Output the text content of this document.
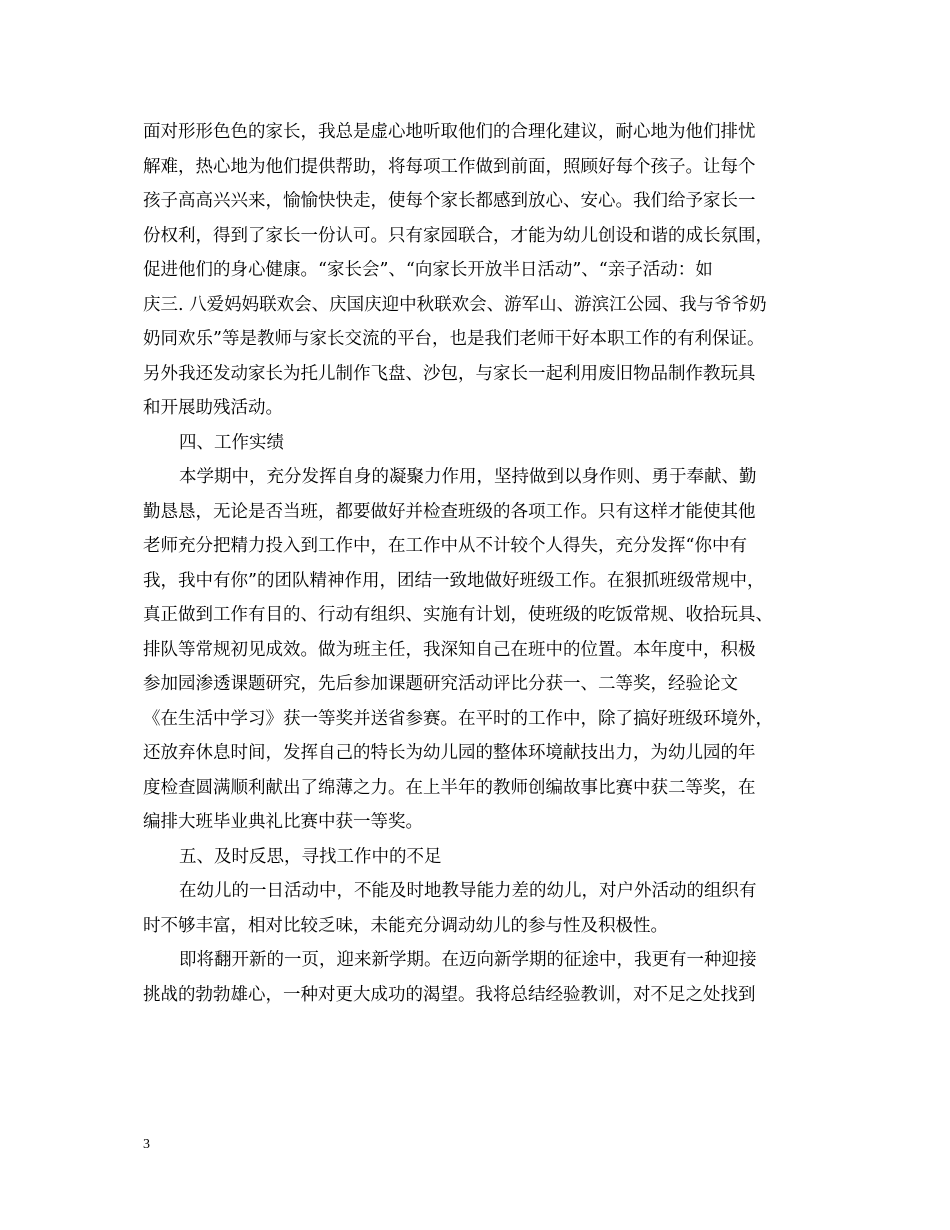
面对形形色色的家长，我总是虚心地听取他们的合理化建议，耐心地为他们排忧
解难，热心地为他们提供帮助，将每项工作做到前面，照顾好每个孩子。让每个
孩子高高兴兴来，愉愉快快走，使每个家长都感到放心、安心。我们给予家长一
份权利，得到了家长一份认可。只有家园联合，才能为幼儿创设和谐的成长氛围，
促进他们的身心健康。“家长会”、“向家长开放半日活动”、“亲子活动：如
庆三. 八爱妈妈联欢会、庆国庆迎中秋联欢会、游军山、游滨江公园、我与爷爷奶
奶同欢乐”等是教师与家长交流的平台，也是我们老师干好本职工作的有利保证。
另外我还发动家长为托儿制作飞盘、沙包，与家长一起利用废旧物品制作教玩具
和开展助残活动。
四、工作实绩
本学期中，充分发挥自身的凝聚力作用，坚持做到以身作则、勇于奉献、勤
勤恳恳，无论是否当班，都要做好并检查班级的各项工作。只有这样才能使其他
老师充分把精力投入到工作中，在工作中从不计较个人得失，充分发挥“你中有
我，我中有你”的团队精神作用，团结一致地做好班级工作。在狠抓班级常规中，
真正做到工作有目的、行动有组织、实施有计划，使班级的吃饭常规、收拾玩具、
排队等常规初见成效。做为班主任，我深知自己在班中的位置。本年度中，积极
参加园渗透课题研究，先后参加课题研究活动评比分获一、二等奖，经验论文
《在生活中学习》获一等奖并送省参赛。在平时的工作中，除了搞好班级环境外，
还放弃休息时间，发挥自己的特长为幼儿园的整体环境献技出力，为幼儿园的年
度检查圆满顺利献出了绵薄之力。在上半年的教师创编故事比赛中获二等奖，在
编排大班毕业典礼比赛中获一等奖。
五、及时反思，寻找工作中的不足
在幼儿的一日活动中，不能及时地教导能力差的幼儿，对户外活动的组织有
时不够丰富，相对比较乏味，未能充分调动幼儿的参与性及积极性。
即将翻开新的一页，迎来新学期。在迈向新学期的征途中，我更有一种迎接
挑战的勃勃雄心，一种对更大成功的渴望。我将总结经验教训，对不足之处找到
3
